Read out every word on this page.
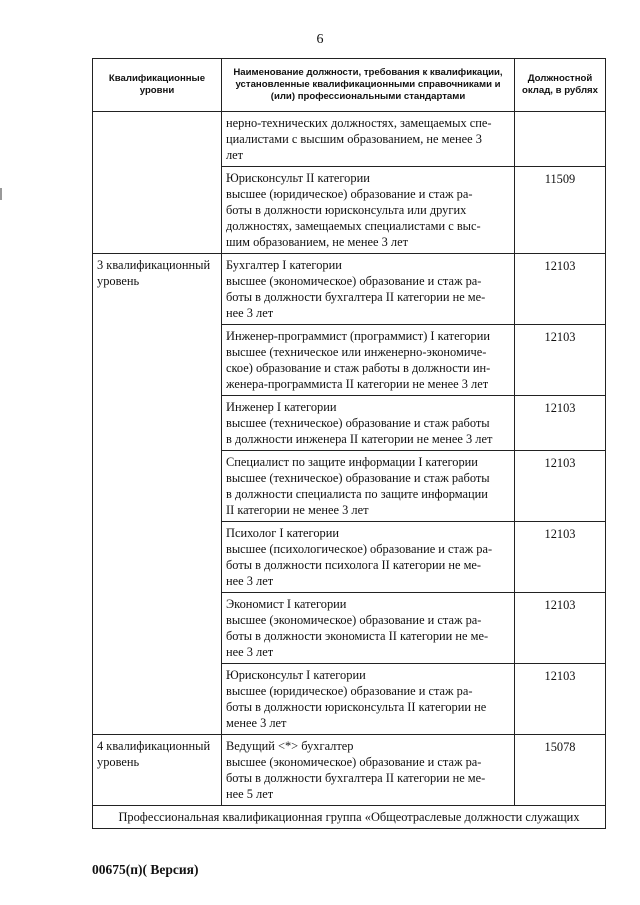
6
Квалификационные уровни	Наименование должности, требования к квалификации, установленные квалификационными справочниками и (или) профессиональными стандартами	Должностной оклад, в рублях

	нерно-технических должностях, замещаемых спе-
циалистами с высшим образованием, не менее 3
лет	

	Юрисконсульт II категории
высшее (юридическое) образование и стаж ра-
боты в должности юрисконсульта или других
должностях, замещаемых специалистами с выс-
шим образованием, не менее 3 лет	11509
3 квалификационный уровень	Бухгалтер I категории
высшее (экономическое) образование и стаж ра-
боты в должности бухгалтера II категории не ме-
нее 3 лет	12103

	Инженер-программист (программист) I категории
высшее (техническое или инженерно-экономиче-
ское) образование и стаж работы в должности ин-
женера-программиста II категории не менее 3 лет	12103

	Инженер I категории
высшее (техническое) образование и стаж работы
в должности инженера II категории не менее 3 лет	12103

	Специалист по защите информации I категории
высшее (техническое) образование и стаж работы
в должности специалиста по защите информации
II категории не менее 3 лет	12103

	Психолог I категории
высшее (психологическое) образование и стаж ра-
боты в должности психолога II категории не ме-
нее 3 лет	12103

	Экономист I категории
высшее (экономическое) образование и стаж ра-
боты в должности экономиста II категории не ме-
нее 3 лет	12103

	Юрисконсульт I категории
высшее (юридическое) образование и стаж ра-
боты в должности юрисконсульта II категории не
менее 3 лет	12103
4 квалификационный уровень	Ведущий <*> бухгалтер
высшее (экономическое) образование и стаж ра-
боты в должности бухгалтера II категории не ме-
нее 5 лет	15078
Профессиональная квалификационная группа «Общеотраслевые должности служащих		
00675(п)( Версия)
